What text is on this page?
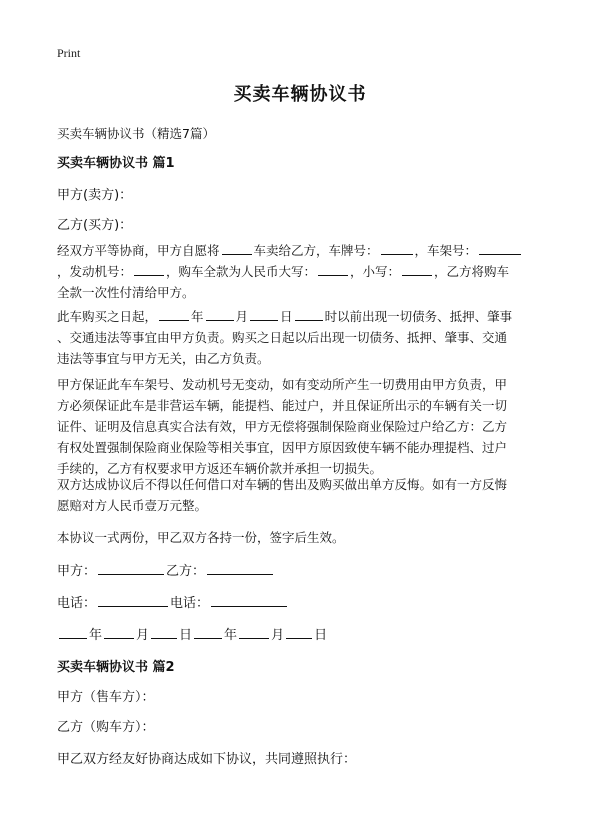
Print
买卖车辆协议书
买卖车辆协议书（精选7篇）
买卖车辆协议书 篇1
甲方(卖方)：
乙方(买方)：
经双方平等协商，甲方自愿将	车卖给乙方，车牌号：	，车架号：
，发动机号：	，购车全款为人民币大写：	，小写：	，乙方将购车
全款一次性付清给甲方。
此车购买之日起，	年	月	日	时以前出现一切债务、抵押、肇事
、交通违法等事宜由甲方负责。购买之日起以后出现一切债务、抵押、肇事、交通
违法等事宜与甲方无关，由乙方负责。
甲方保证此车车架号、发动机号无变动，如有变动所产生一切费用由甲方负责，甲
方必须保证此车是非营运车辆，能提档、能过户，并且保证所出示的车辆有关一切
证件、证明及信息真实合法有效，甲方无偿将强制保险商业保险过户给乙方：乙方
有权处置强制保险商业保险等相关事宜，因甲方原因致使车辆不能办理提档、过户
手续的，乙方有权要求甲方返还车辆价款并承担一切损失。
双方达成协议后不得以任何借口对车辆的售出及购买做出单方反悔。如有一方反悔
愿赔对方人民币壹万元整。
本协议一式两份，甲乙双方各持一份，签字后生效。
甲方：	乙方：
电话：	电话：
年	月 日 年	月 日
买卖车辆协议书 篇2
甲方（售车方）：
乙方（购车方）：
甲乙双方经友好协商达成如下协议，共同遵照执行：
